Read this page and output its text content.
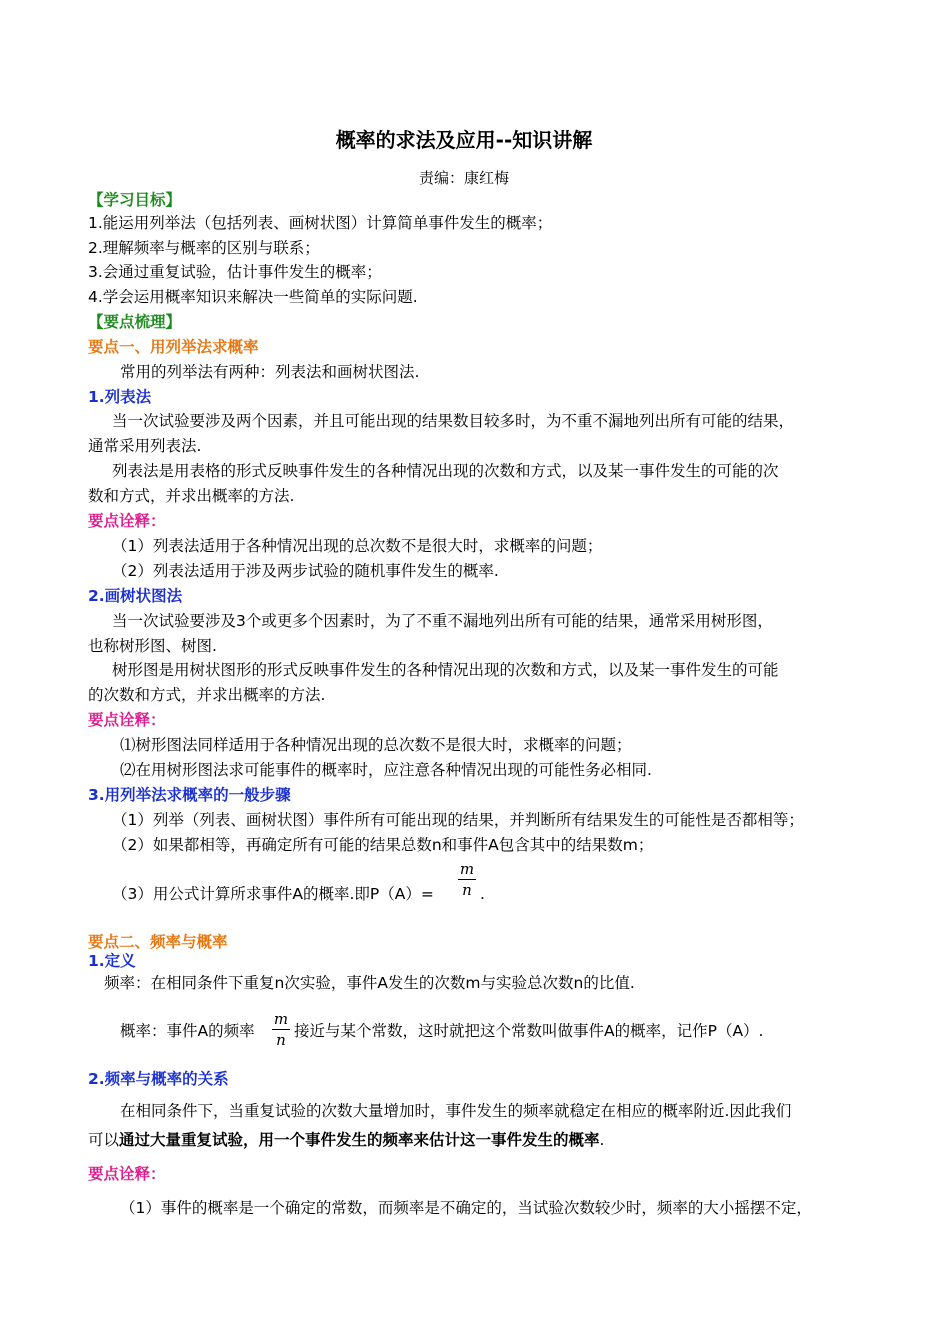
概率的求法及应用--知识讲解
责编：康红梅
【学习目标】
1.能运用列举法（包括列表、画树状图）计算简单事件发生的概率；
2.理解频率与概率的区别与联系；
3.会通过重复试验，估计事件发生的概率；
4.学会运用概率知识来解决一些简单的实际问题.
【要点梳理】
要点一、用列举法求概率
常用的列举法有两种：列表法和画树状图法.
1.列表法
当一次试验要涉及两个因素，并且可能出现的结果数目较多时，为不重不漏地列出所有可能的结果，
通常采用列表法.
列表法是用表格的形式反映事件发生的各种情况出现的次数和方式，以及某一事件发生的可能的次
数和方式，并求出概率的方法.
要点诠释：
（1）列表法适用于各种情况出现的总次数不是很大时，求概率的问题；
（2）列表法适用于涉及两步试验的随机事件发生的概率.
2.画树状图法
当一次试验要涉及3个或更多个因素时，为了不重不漏地列出所有可能的结果，通常采用树形图，
也称树形图、树图.
树形图是用树状图形的形式反映事件发生的各种情况出现的次数和方式，以及某一事件发生的可能
的次数和方式，并求出概率的方法.
要点诠释：
⑴树形图法同样适用于各种情况出现的总次数不是很大时，求概率的问题；
⑵在用树形图法求可能事件的概率时，应注意各种情况出现的可能性务必相同.
3.用列举法求概率的一般步骤
（1）列举（列表、画树状图）事件所有可能出现的结果，并判断所有结果发生的可能性是否都相等；
（2）如果都相等，再确定所有可能的结果总数n和事件A包含其中的结果数m；
（3）用公式计算所求事件A的概率.即P（A）=
m
n .
要点二、频率与概率
1.定义
频率：在相同条件下重复n次实验，事件A发生的次数m与实验总次数n的比值.
概率：事件A的频率
m
n 接近与某个常数，这时就把这个常数叫做事件A的概率，记作P（A）.
2.频率与概率的关系
在相同条件下，当重复试验的次数大量增加时，事件发生的频率就稳定在相应的概率附近.因此我们
可以通过大量重复试验，用一个事件发生的频率来估计这一事件发生的概率.
要点诠释：
（1）事件的概率是一个确定的常数，而频率是不确定的，当试验次数较少时，频率的大小摇摆不定，
